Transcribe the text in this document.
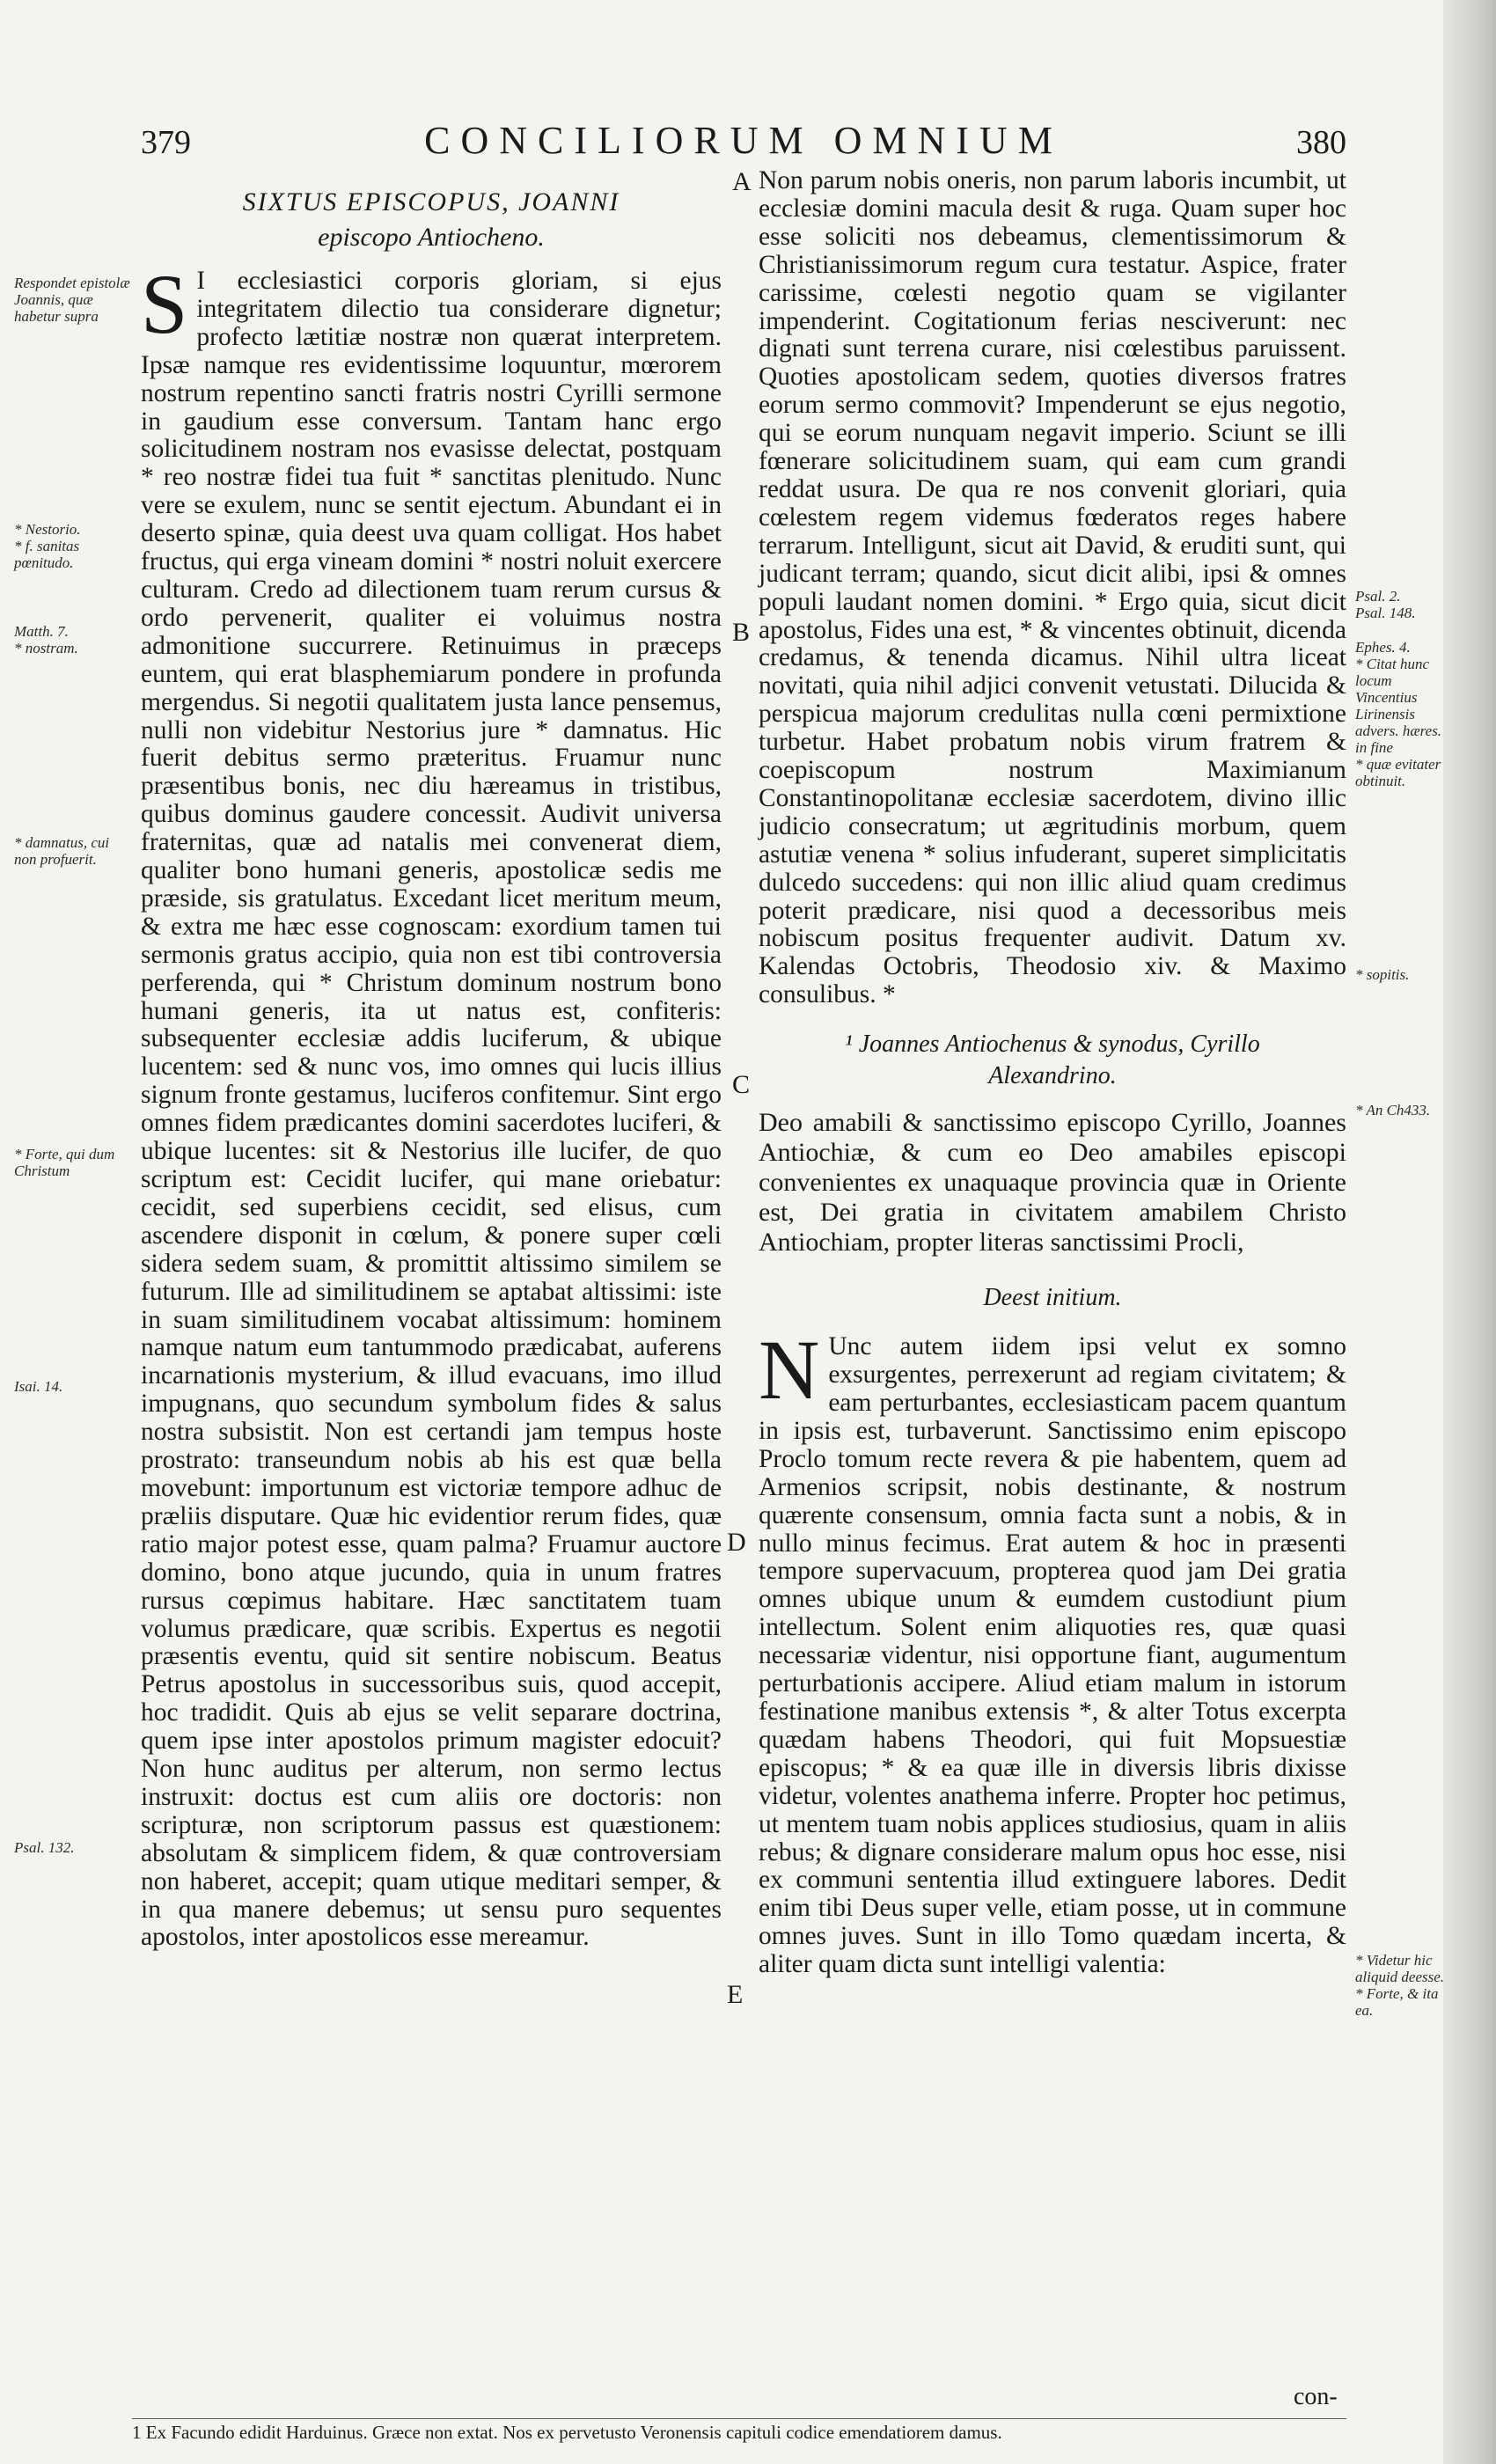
379	CONCILIORUM OMNIUM	380
SIXTUS EPISCOPUS, JOANNI
episcopo Antiocheno.
S I ecclesiastici corporis gloriam, si ejus integritatem dilectio tua considerare dignetur; profecto lætitiæ nostræ non quærat interpretem. Ipsæ namque res evidentissime loquuntur, mœrorem nostrum repentino sancti fratris nostri Cyrilli sermone in gaudium esse conversum. Tantam hanc ergo solicitudinem nostram nos evasisse delectat, postquam * reo nostræ fidei tua fuit * sanctitas plenitudo. Nunc vere se exulem, nunc se sentit ejectum. Abundant ei in deserto spinæ, quia deest uva quam colligat. Hos habet fructus, qui erga vineam domini * nostri noluit exercere culturam. Credo ad dilectionem tuam rerum cursus & ordo pervenerit, qualiter ei voluimus nostra admonitione succurrere. Retinuimus in præceps euntem, qui erat blasphemiarum pondere in profunda mergendus. Si negotii qualitatem justa lance pensemus, nulli non videbitur Nestorius jure * damnatus. Hic fuerit debitus sermo præteritus. Fruamur nunc præsentibus bonis, nec diu hæreamus in tristibus, quibus dominus gaudere concessit. Audivit universa fraternitas, quæ ad natalis mei convenerat diem, qualiter bono humani generis, apostolicæ sedis me præside, sis gratulatus. Excedant licet meritum meum, & extra me hæc esse cognoscam: exordium tamen tui sermonis gratus accipio, quia non est tibi controversia perferenda, qui * Christum dominum nostrum bono humani generis, ita ut natus est, confiteris: subsequenter ecclesiæ addis luciferum, & ubique lucentem: sed & nunc vos, imo omnes qui lucis illius signum fronte gestamus, luciferos confitemur. Sint ergo omnes fidem prædicantes domini sacerdotes luciferi, & ubique lucentes: sit & Nestorius ille lucifer, de quo scriptum est: Cecidit lucifer, qui mane oriebatur: cecidit, sed superbiens cecidit, sed elisus, cum ascendere disponit in cœlum, & ponere super cœli sidera sedem suam, & promittit altissimo similem se futurum. Ille ad similitudinem se aptabat altissimi: iste in suam similitudinem vocabat altissimum: hominem namque natum eum tantummodo prædicabat, auferens incarnationis mysterium, & illud evacuans, imo illud impugnans, quo secundum symbolum fides & salus nostra subsistit. Non est certandi jam tempus hoste prostrato: transeundum nobis ab his est quæ bella movebunt: importunum est victoriæ tempore adhuc de præliis disputare. Quæ hic evidentior rerum fides, quæ ratio major potest esse, quam palma? Fruamur auctore domino, bono atque jucundo, quia in unum fratres rursus cœpimus habitare. Hæc sanctitatem tuam volumus prædicare, quæ scribis. Expertus es negotii præsentis eventu, quid sit sentire nobiscum. Beatus Petrus apostolus in successoribus suis, quod accepit, hoc tradidit. Quis ab ejus se velit separare doctrina, quem ipse inter apostolos primum magister edocuit? Non hunc auditus per alterum, non sermo lectus instruxit: doctus est cum aliis ore doctoris: non scripturæ, non scriptorum passus est quæstionem: absolutam & simplicem fidem, & quæ controversiam non haberet, accepit; quam utique meditari semper, & in qua manere debemus; ut sensu puro sequentes apostolos, inter apostolicos esse mereamur.

Respondet epistolæ Joannis, quæ habetur supra
* Nestorio.
* f. sanitas pœnitudo.
Matth. 7.
* nostram.
* damnatus, cui non profuerit.
* Forte, qui dum Christum
Isai. 14.
Psal. 132.
A
B
C
D
E

Non parum nobis oneris, non parum laboris incumbit, ut ecclesiæ domini macula desit & ruga. Quam super hoc esse soliciti nos debeamus, clementissimorum & Christianissimorum regum cura testatur. Aspice, frater carissime, cœlesti negotio quam se vigilanter impenderint. Cogitationum ferias nesciverunt: nec dignati sunt terrena curare, nisi cœlestibus paruissent. Quoties apostolicam sedem, quoties diversos fratres eorum sermo commovit? Impenderunt se ejus negotio, qui se eorum nunquam negavit imperio. Sciunt se illi fœnerare solicitudinem suam, qui eam cum grandi reddat usura. De qua re nos convenit gloriari, quia cœlestem regem videmus fœderatos reges habere terrarum. Intelligunt, sicut ait David, & eruditi sunt, qui judicant terram; quando, sicut dicit alibi, ipsi & omnes populi laudant nomen domini. * Ergo quia, sicut dicit apostolus, Fides una est, * & vincentes obtinuit, dicenda credamus, & tenenda dicamus. Nihil ultra liceat novitati, quia nihil adjici convenit vetustati. Dilucida & perspicua majorum credulitas nulla cœni permixtione turbetur. Habet probatum nobis virum fratrem & coepiscopum nostrum Maximianum Constantinopolitanæ ecclesiæ sacerdotem, divino illic judicio consecratum; ut ægritudinis morbum, quem astutiæ venena * solius infuderant, superet simplicitatis dulcedo succedens: qui non illic aliud quam credimus poterit prædicare, nisi quod a decessoribus meis nobiscum positus frequenter audivit. Datum xv. Kalendas Octobris, Theodosio xiv. & Maximo consulibus. *

¹ Joannes Antiochenus & synodus, Cyrillo
Alexandrino.

Deo amabili & sanctissimo episcopo Cyrillo, Joannes Antiochiæ, & cum eo Deo amabiles episcopi convenientes ex unaquaque provincia quæ in Oriente est, Dei gratia in civitatem amabilem Christo Antiochiam, propter literas sanctissimi Procli,

Deest initium.
N Unc autem iidem ipsi velut ex somno exsurgentes, perrexerunt ad regiam civitatem; & eam perturbantes, ecclesiasticam pacem quantum in ipsis est, turbaverunt. Sanctissimo enim episcopo Proclo tomum recte revera & pie habentem, quem ad Armenios scripsit, nobis destinante, & nostrum quærente consensum, omnia facta sunt a nobis, & in nullo minus fecimus. Erat autem & hoc in præsenti tempore supervacuum, propterea quod jam Dei gratia omnes ubique unum & eumdem custodiunt pium intellectum. Solent enim aliquoties res, quæ quasi necessariæ videntur, nisi opportune fiant, augumentum perturbationis accipere. Aliud etiam malum in istorum festinatione manibus extensis *, & alter Totus excerpta quædam habens Theodori, qui fuit Mopsuestiæ episcopus; * & ea quæ ille in diversis libris dixisse videtur, volentes anathema inferre. Propter hoc petimus, ut mentem tuam nobis applices studiosius, quam in aliis rebus; & dignare considerare malum opus hoc esse, nisi ex communi sententia illud extinguere labores. Dedit enim tibi Deus super velle, etiam posse, ut in commune omnes juves. Sunt in illo Tomo quædam incerta, & aliter quam dicta sunt intelligi valentia:

Psal. 2.
Psal. 148.
Ephes. 4.
* Citat hunc locum Vincentius Lirinensis advers. hæres. in fine
* quæ evitater obtinuit.
* sopitis.
* An Ch433.
* Videtur hic aliquid deesse.
* Forte, & ita ea.
con-
1 Ex Facundo edidit Harduinus. Græce non extat. Nos ex pervetusto Veronensis capituli codice emendatiorem damus.
